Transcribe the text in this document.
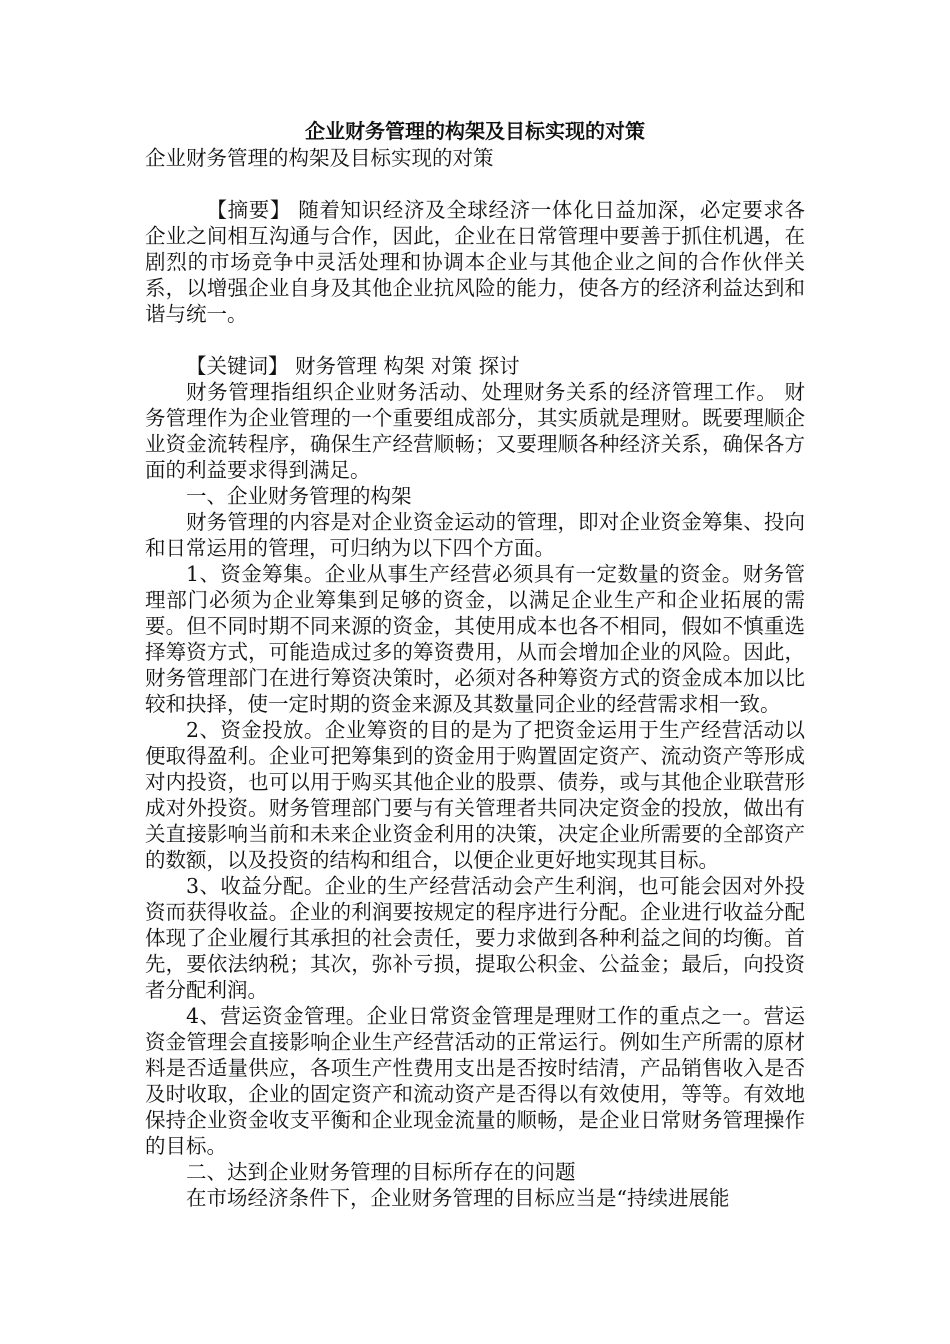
企业财务管理的构架及目标实现的对策

企业财务管理的构架及目标实现的对策

【摘要】 随着知识经济及全球经济一体化日益加深，必定要求各企业之间相互沟通与合作，因此，企业在日常管理中要善于抓住机遇，在剧烈的市场竞争中灵活处理和协调本企业与其他企业之间的合作伙伴关系，以增强企业自身及其他企业抗风险的能力，使各方的经济利益达到和谐与统一。

【关键词】 财务管理 构架 对策 探讨

财务管理指组织企业财务活动、处理财务关系的经济管理工作。 财务管理作为企业管理的一个重要组成部分，其实质就是理财。既要理顺企业资金流转程序，确保生产经营顺畅；又要理顺各种经济关系，确保各方面的利益要求得到满足。

一、企业财务管理的构架

财务管理的内容是对企业资金运动的管理，即对企业资金筹集、投向和日常运用的管理，可归纳为以下四个方面。

1、资金筹集。企业从事生产经营必须具有一定数量的资金。财务管理部门必须为企业筹集到足够的资金，以满足企业生产和企业拓展的需要。但不同时期不同来源的资金，其使用成本也各不相同，假如不慎重选择筹资方式，可能造成过多的筹资费用，从而会增加企业的风险。因此，财务管理部门在进行筹资决策时，必须对各种筹资方式的资金成本加以比较和抉择，使一定时期的资金来源及其数量同企业的经营需求相一致。

2、资金投放。企业筹资的目的是为了把资金运用于生产经营活动以便取得盈利。企业可把筹集到的资金用于购置固定资产、流动资产等形成对内投资，也可以用于购买其他企业的股票、债券，或与其他企业联营形成对外投资。财务管理部门要与有关管理者共同决定资金的投放，做出有关直接影响当前和未来企业资金利用的决策，决定企业所需要的全部资产的数额，以及投资的结构和组合，以便企业更好地实现其目标。

3、收益分配。企业的生产经营活动会产生利润，也可能会因对外投资而获得收益。企业的利润要按规定的程序进行分配。企业进行收益分配体现了企业履行其承担的社会责任，要力求做到各种利益之间的均衡。首先，要依法纳税；其次，弥补亏损，提取公积金、公益金；最后，向投资者分配利润。

4、营运资金管理。企业日常资金管理是理财工作的重点之一。营运资金管理会直接影响企业生产经营活动的正常运行。例如生产所需的原材料是否适量供应，各项生产性费用支出是否按时结清，产品销售收入是否及时收取，企业的固定资产和流动资产是否得以有效使用，等等。有效地保持企业资金收支平衡和企业现金流量的顺畅，是企业日常财务管理操作的目标。

二、达到企业财务管理的目标所存在的问题

在市场经济条件下，企业财务管理的目标应当是“持续进展能
